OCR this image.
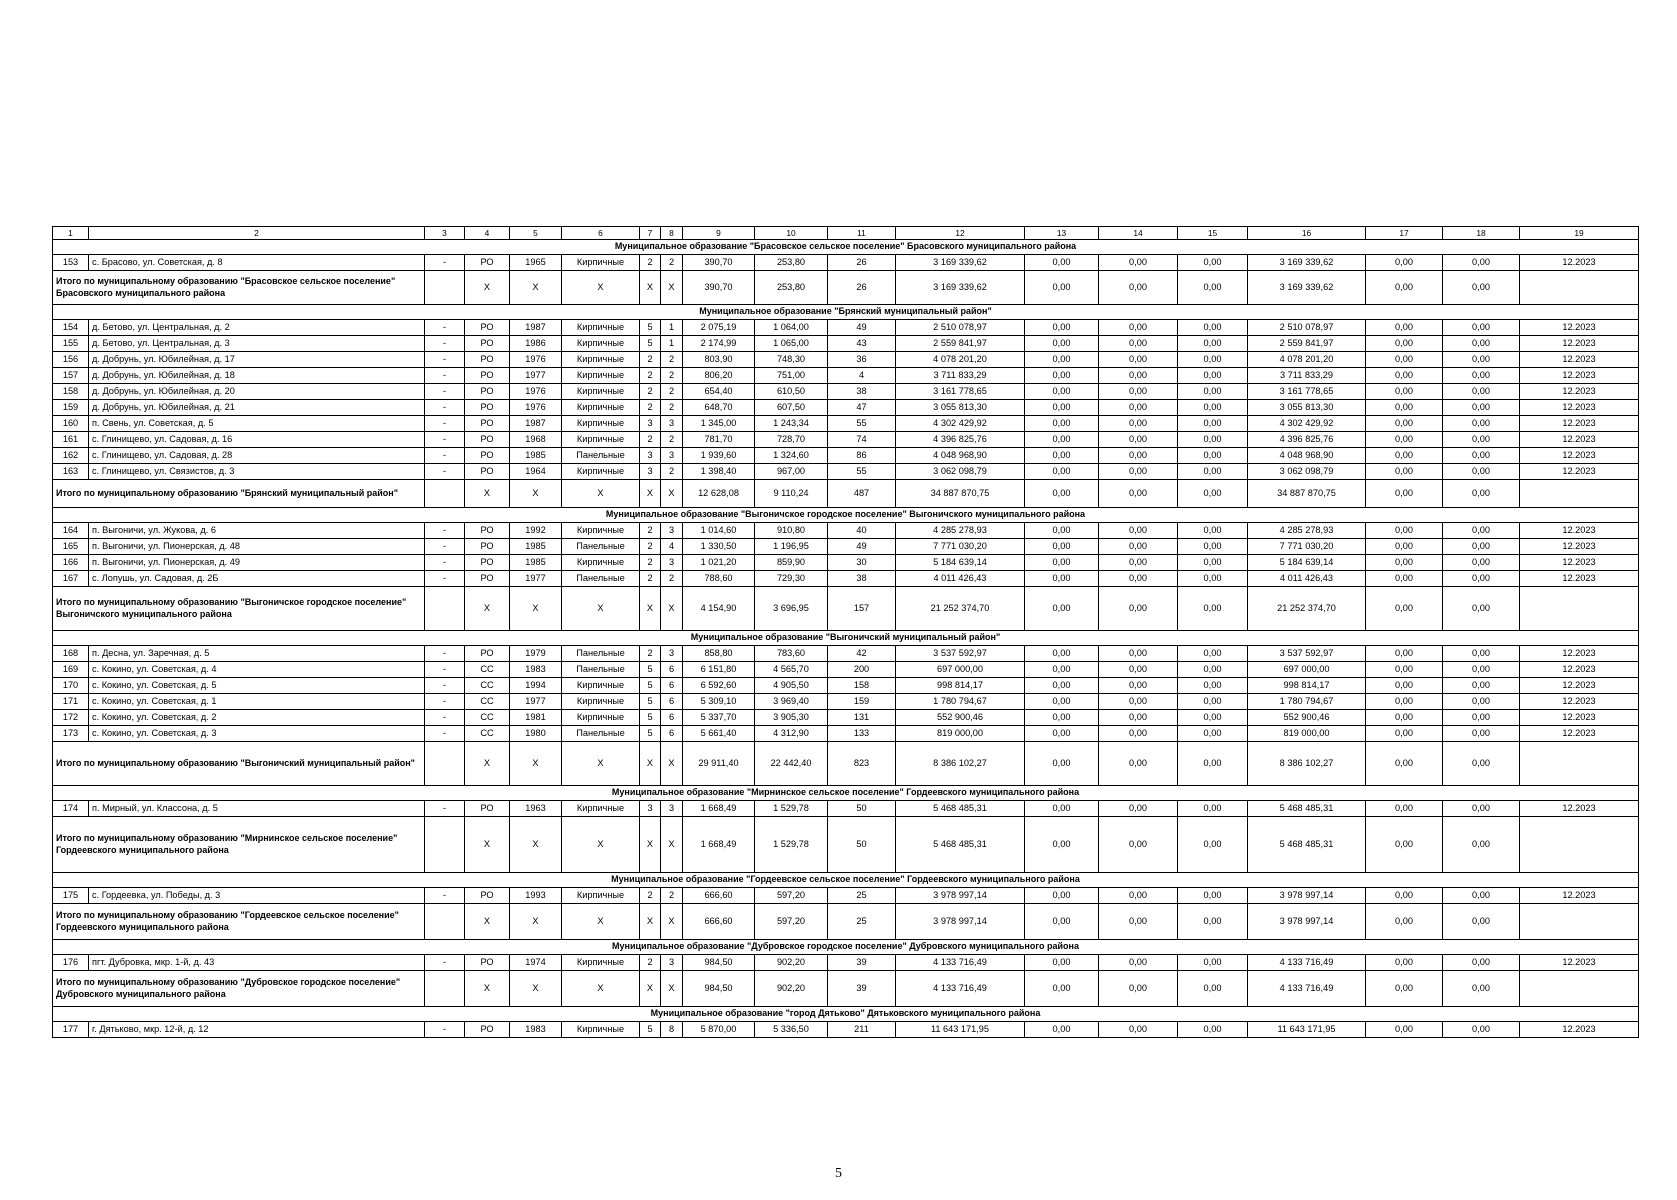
1	2	3	4	5	6	7	8	9	10	11	12	13	14	15	16	17	18	19
Муниципальное образование "Брасовское сельское поселение" Брасовского муниципального района																		
153	с. Брасово, ул. Советская, д. 8	-	РО	1965	Кирпичные	2	2	390,70	253,80	26	3 169 339,62	0,00	0,00	0,00	3 169 339,62	0,00	0,00	12.2023
Итого по муниципальному образованию "Брасовское сельское поселение" Брасовского муниципального района			X	X	X	X	X	390,70	253,80	26	3 169 339,62	0,00	0,00	0,00	3 169 339,62	0,00	0,00	
Муниципальное образование "Брянский муниципальный район"																		
154	д. Бетово, ул. Центральная, д. 2	-	РО	1987	Кирпичные	5	1	2 075,19	1 064,00	49	2 510 078,97	0,00	0,00	0,00	2 510 078,97	0,00	0,00	12.2023
155	д. Бетово, ул. Центральная, д. 3	-	РО	1986	Кирпичные	5	1	2 174,99	1 065,00	43	2 559 841,97	0,00	0,00	0,00	2 559 841,97	0,00	0,00	12.2023
156	д. Добрунь, ул. Юбилейная, д. 17	-	РО	1976	Кирпичные	2	2	803,90	748,30	36	4 078 201,20	0,00	0,00	0,00	4 078 201,20	0,00	0,00	12.2023
157	д. Добрунь, ул. Юбилейная, д. 18	-	РО	1977	Кирпичные	2	2	806,20	751,00	4	3 711 833,29	0,00	0,00	0,00	3 711 833,29	0,00	0,00	12.2023
158	д. Добрунь, ул. Юбилейная, д. 20	-	РО	1976	Кирпичные	2	2	654,40	610,50	38	3 161 778,65	0,00	0,00	0,00	3 161 778,65	0,00	0,00	12.2023
159	д. Добрунь, ул. Юбилейная, д. 21	-	РО	1976	Кирпичные	2	2	648,70	607,50	47	3 055 813,30	0,00	0,00	0,00	3 055 813,30	0,00	0,00	12.2023
160	п. Свень, ул. Советская, д. 5	-	РО	1987	Кирпичные	3	3	1 345,00	1 243,34	55	4 302 429,92	0,00	0,00	0,00	4 302 429,92	0,00	0,00	12.2023
161	с. Глинищево, ул. Садовая, д. 16	-	РО	1968	Кирпичные	2	2	781,70	728,70	74	4 396 825,76	0,00	0,00	0,00	4 396 825,76	0,00	0,00	12.2023
162	с. Глинищево, ул. Садовая, д. 28	-	РО	1985	Панельные	3	3	1 939,60	1 324,60	86	4 048 968,90	0,00	0,00	0,00	4 048 968,90	0,00	0,00	12.2023
163	с. Глинищево, ул. Связистов, д. 3	-	РО	1964	Кирпичные	3	2	1 398,40	967,00	55	3 062 098,79	0,00	0,00	0,00	3 062 098,79	0,00	0,00	12.2023
Итого по муниципальному образованию "Брянский муниципальный район"			X	X	X	X	X	12 628,08	9 110,24	487	34 887 870,75	0,00	0,00	0,00	34 887 870,75	0,00	0,00	
Муниципальное образование "Выгоничское городское поселение" Выгоничского муниципального района																		
164	п. Выгоничи, ул. Жукова, д. 6	-	РО	1992	Кирпичные	2	3	1 014,60	910,80	40	4 285 278,93	0,00	0,00	0,00	4 285 278,93	0,00	0,00	12.2023
165	п. Выгоничи, ул. Пионерская, д. 48	-	РО	1985	Панельные	2	4	1 330,50	1 196,95	49	7 771 030,20	0,00	0,00	0,00	7 771 030,20	0,00	0,00	12.2023
166	п. Выгоничи, ул. Пионерская, д. 49	-	РО	1985	Кирпичные	2	3	1 021,20	859,90	30	5 184 639,14	0,00	0,00	0,00	5 184 639,14	0,00	0,00	12.2023
167	с. Лопушь, ул. Садовая, д. 2Б	-	РО	1977	Панельные	2	2	788,60	729,30	38	4 011 426,43	0,00	0,00	0,00	4 011 426,43	0,00	0,00	12.2023
Итого по муниципальному образованию "Выгоничское городское поселение" Выгоничского муниципального района			X	X	X	X	X	4 154,90	3 696,95	157	21 252 374,70	0,00	0,00	0,00	21 252 374,70	0,00	0,00	
Муниципальное образование "Выгоничский муниципальный район"																		
168	п. Десна, ул. Заречная, д. 5	-	РО	1979	Панельные	2	3	858,80	783,60	42	3 537 592,97	0,00	0,00	0,00	3 537 592,97	0,00	0,00	12.2023
169	с. Кокино, ул. Советская, д. 4	-	СС	1983	Панельные	5	6	6 151,80	4 565,70	200	697 000,00	0,00	0,00	0,00	697 000,00	0,00	0,00	12.2023
170	с. Кокино, ул. Советская, д. 5	-	СС	1994	Кирпичные	5	6	6 592,60	4 905,50	158	998 814,17	0,00	0,00	0,00	998 814,17	0,00	0,00	12.2023
171	с. Кокино, ул. Советская, д. 1	-	СС	1977	Кирпичные	5	6	5 309,10	3 969,40	159	1 780 794,67	0,00	0,00	0,00	1 780 794,67	0,00	0,00	12.2023
172	с. Кокино, ул. Советская, д. 2	-	СС	1981	Кирпичные	5	6	5 337,70	3 905,30	131	552 900,46	0,00	0,00	0,00	552 900,46	0,00	0,00	12.2023
173	с. Кокино, ул. Советская, д. 3	-	СС	1980	Панельные	5	6	5 661,40	4 312,90	133	819 000,00	0,00	0,00	0,00	819 000,00	0,00	0,00	12.2023
Итого по муниципальному образованию "Выгоничский муниципальный район"			X	X	X	X	X	29 911,40	22 442,40	823	8 386 102,27	0,00	0,00	0,00	8 386 102,27	0,00	0,00	
Муниципальное образование "Мирнинское сельское поселение" Гордеевского муниципального района																		
174	п. Мирный, ул. Классона, д. 5	-	РО	1963	Кирпичные	3	3	1 668,49	1 529,78	50	5 468 485,31	0,00	0,00	0,00	5 468 485,31	0,00	0,00	12.2023
Итого по муниципальному образованию "Мирнинское сельское поселение" Гордеевского муниципального района			X	X	X	X	X	1 668,49	1 529,78	50	5 468 485,31	0,00	0,00	0,00	5 468 485,31	0,00	0,00	
Муниципальное образование "Гордеевское сельское поселение" Гордеевского муниципального района																		
175	с. Гордеевка, ул. Победы, д. 3	-	РО	1993	Кирпичные	2	2	666,60	597,20	25	3 978 997,14	0,00	0,00	0,00	3 978 997,14	0,00	0,00	12.2023
Итого по муниципальному образованию "Гордеевское сельское поселение" Гордеевского муниципального района			X	X	X	X	X	666,60	597,20	25	3 978 997,14	0,00	0,00	0,00	3 978 997,14	0,00	0,00	
Муниципальное образование "Дубровское городское поселение" Дубровского муниципального района																		
176	пгт. Дубровка, мкр. 1-й, д. 43	-	РО	1974	Кирпичные	2	3	984,50	902,20	39	4 133 716,49	0,00	0,00	0,00	4 133 716,49	0,00	0,00	12.2023
Итого по муниципальному образованию "Дубровское городское поселение" Дубровского муниципального района			X	X	X	X	X	984,50	902,20	39	4 133 716,49	0,00	0,00	0,00	4 133 716,49	0,00	0,00	
Муниципальное образование "город Дятьково" Дятьковского муниципального района																		
177	г. Дятьково, мкр. 12-й, д. 12	-	РО	1983	Кирпичные	5	8	5 870,00	5 336,50	211	11 643 171,95	0,00	0,00	0,00	11 643 171,95	0,00	0,00	12.2023
5
